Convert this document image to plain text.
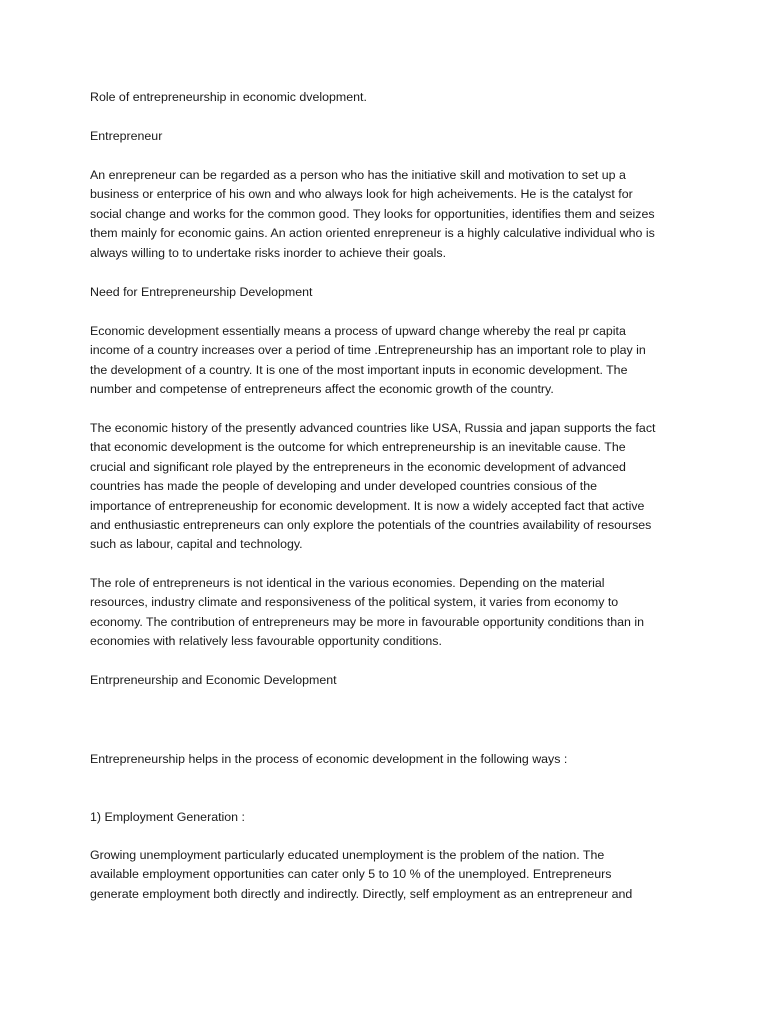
Role of entrepreneurship in economic dvelopment.

Entrepreneur

An enrepreneur can be regarded as a person who has the initiative skill and motivation to set up a
business or enterprice of his own and who always look for high acheivements. He is the catalyst for
social change and works for the common good. They looks for opportunities, identifies them and seizes
them mainly for economic gains. An action oriented enrepreneur is a highly calculative individual who is
always willing to to undertake risks inorder to achieve their goals.

Need for Entrepreneurship Development

Economic development essentially means a process of upward change whereby the real pr capita
income of a country increases over a period of time .Entrepreneurship has an important role to play in
the development of a country. It is one of the most important inputs in economic development. The
number and competense of entrepreneurs affect the economic growth of the country.
The economic history of the presently advanced countries like USA, Russia and japan supports the fact
that economic development is the outcome for which entrepreneurship is an inevitable cause. The
crucial and significant role played by the entrepreneurs in the economic development of advanced
countries has made the people of developing and under developed countries consious of the
importance of entrepreneuship for economic development. It is now a widely accepted fact that active
and enthusiastic entrepreneurs can only explore the potentials of the countries availability of resourses
such as labour, capital and technology.
The role of entrepreneurs is not identical in the various economies. Depending on the material
resources, industry climate and responsiveness of the political system, it varies from economy to
economy. The contribution of entrepreneurs may be more in favourable opportunity conditions than in
economies with relatively less favourable opportunity conditions.

Entrpreneurship and Economic Development

Entrepreneurship helps in the process of economic development in the following ways :

1) Employment Generation :

Growing unemployment particularly educated unemployment is the problem of the nation. The
available employment opportunities can cater only 5 to 10 % of the unemployed. Entrepreneurs
generate employment both directly and indirectly. Directly, self employment as an entrepreneur and
